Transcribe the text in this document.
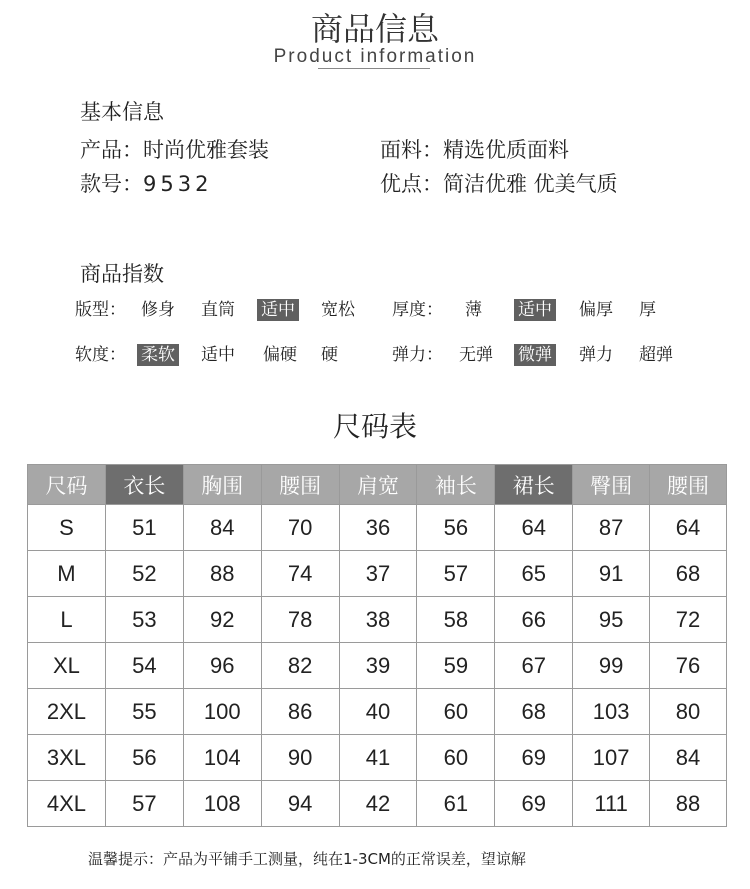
商品信息
Product information
基本信息
产品：时尚优雅套装	面料：精选优质面料
款号：9532	优点：简洁优雅 优美气质
商品指数
版型： 修身 直筒 适中 宽松 厚度： 薄 适中 偏厚 厚
软度： 柔软 适中 偏硬 硬	弹力： 无弹 微弹 弹力 超弹
尺码表
尺码	衣长	胸围	腰围	肩宽	袖长	裙长	臀围	腰围
S	51	84	70	36	56	64	87	64
M	52	88	74	37	57	65	91	68
L	53	92	78	38	58	66	95	72
XL	54	96	82	39	59	67	99	76
2XL	55	100	86	40	60	68	103	80
3XL	56	104	90	41	60	69	107	84
4XL	57	108	94	42	61	69	111	88
温馨提示：产品为平铺手工测量，纯在1-3CM的正常误差，望谅解
